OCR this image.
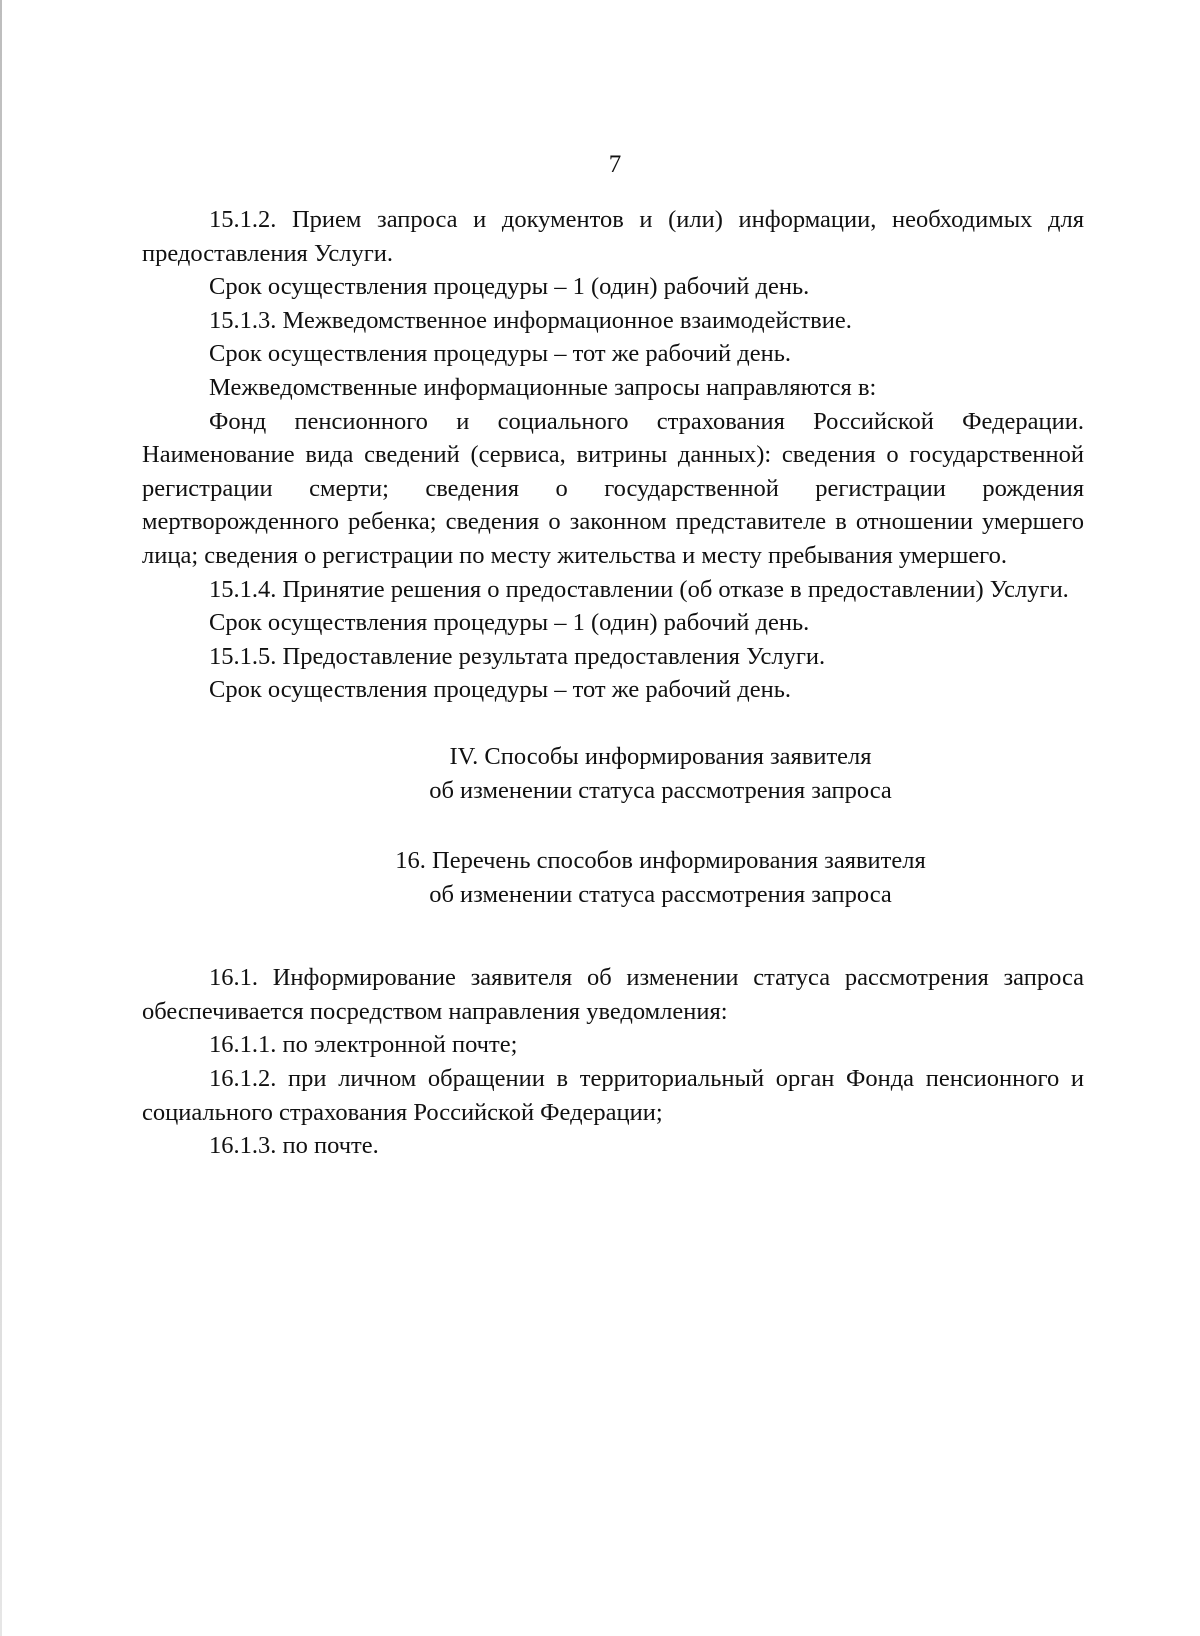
7

15.1.2. Прием запроса и документов и (или) информации, необходимых для предоставления Услуги.

Срок осуществления процедуры – 1 (один) рабочий день.

15.1.3. Межведомственное информационное взаимодействие.

Срок осуществления процедуры – тот же рабочий день.

Межведомственные информационные запросы направляются в:

Фонд пенсионного и социального страхования Российской Федерации. Наименование вида сведений (сервиса, витрины данных): сведения о государственной регистрации смерти; сведения о государственной регистрации рождения мертворожденного ребенка; сведения о законном представителе в отношении умершего лица; сведения о регистрации по месту жительства и месту пребывания умершего.

15.1.4. Принятие решения о предоставлении (об отказе в предоставлении) Услуги.

Срок осуществления процедуры – 1 (один) рабочий день.

15.1.5. Предоставление результата предоставления Услуги.

Срок осуществления процедуры – тот же рабочий день.

IV. Способы информирования заявителя

об изменении статуса рассмотрения запроса

16. Перечень способов информирования заявителя

об изменении статуса рассмотрения запроса

16.1. Информирование заявителя об изменении статуса рассмотрения запроса обеспечивается посредством направления уведомления:

16.1.1. по электронной почте;

16.1.2. при личном обращении в территориальный орган Фонда пенсионного и социального страхования Российской Федерации;

16.1.3. по почте.
